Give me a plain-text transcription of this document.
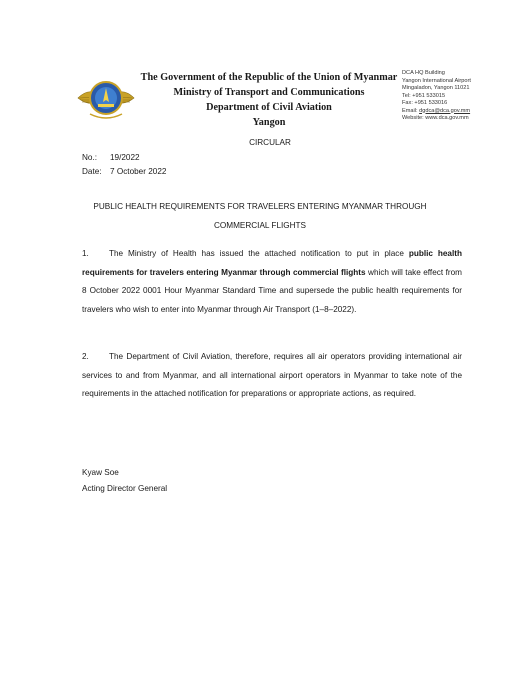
The Government of the Republic of the Union of Myanmar
Ministry of Transport and Communications
Department of Civil Aviation
Yangon
DCA HQ Building
Yangon International Airport
Mingaladon, Yangon 11021
Tel: +951 533015
Fax: +951 533016
Email: dgdca@dca.gov.mm
Website: www.dca.gov.mm
CIRCULAR
No.: 19/2022
Date: 7 October 2022
PUBLIC HEALTH REQUIREMENTS FOR TRAVELERS ENTERING MYANMAR THROUGH
COMMERCIAL FLIGHTS
1. The Ministry of Health has issued the attached notification to put in place public health requirements for travelers entering Myanmar through commercial flights which will take effect from 8 October 2022 0001 Hour Myanmar Standard Time and supersede the public health requirements for travelers who wish to enter into Myanmar through Air Transport (1–8–2022).
2. The Department of Civil Aviation, therefore, requires all air operators providing international air services to and from Myanmar, and all international airport operators in Myanmar to take note of the requirements in the attached notification for preparations or appropriate actions, as required.
Kyaw Soe
Acting Director General
